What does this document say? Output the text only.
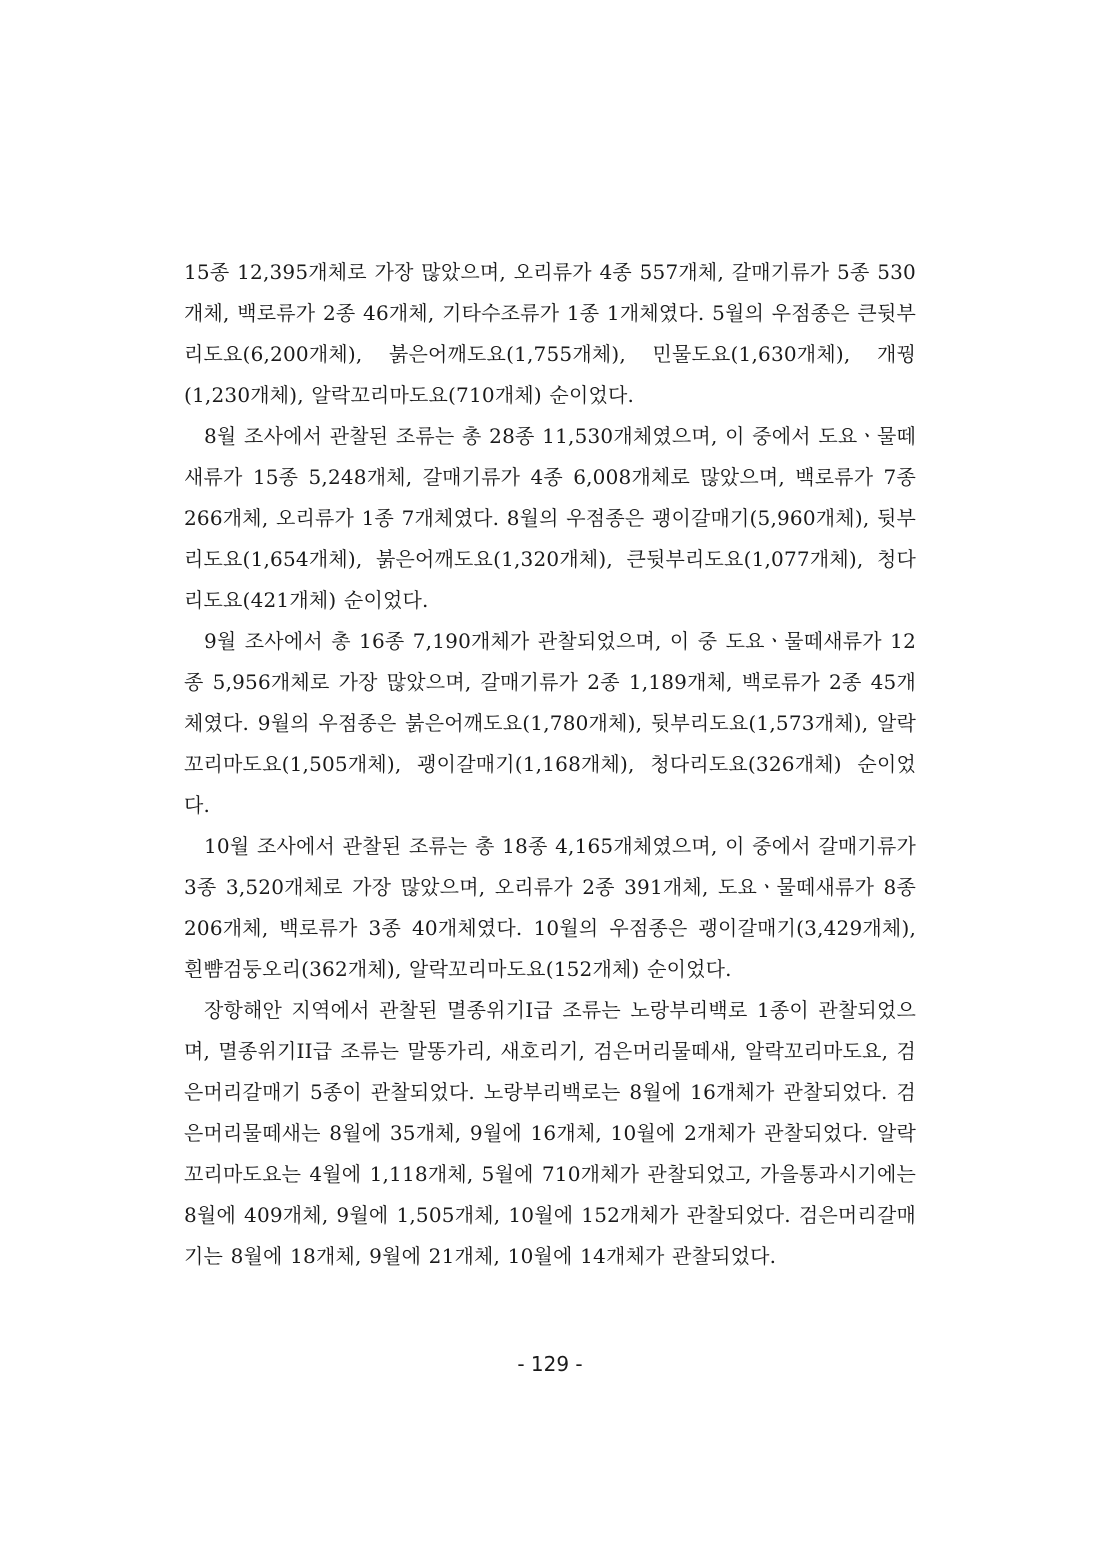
15종 12,395개체로 가장 많았으며, 오리류가 4종 557개체, 갈매기류가 5종 530개체, 백로류가 2종 46개체, 기타수조류가 1종 1개체였다. 5월의 우점종은 큰뒷부리도요(6,200개체), 붉은어깨도요(1,755개체), 민물도요(1,630개체), 개꿩(1,230개체), 알락꼬리마도요(710개체) 순이었다.

8월 조사에서 관찰된 조류는 총 28종 11,530개체였으며, 이 중에서 도요ㆍ물떼새류가 15종 5,248개체, 갈매기류가 4종 6,008개체로 많았으며, 백로류가 7종 266개체, 오리류가 1종 7개체였다. 8월의 우점종은 괭이갈매기(5,960개체), 뒷부리도요(1,654개체), 붉은어깨도요(1,320개체), 큰뒷부리도요(1,077개체), 청다리도요(421개체) 순이었다.

9월 조사에서 총 16종 7,190개체가 관찰되었으며, 이 중 도요ㆍ물떼새류가 12종 5,956개체로 가장 많았으며, 갈매기류가 2종 1,189개체, 백로류가 2종 45개체였다. 9월의 우점종은 붉은어깨도요(1,780개체), 뒷부리도요(1,573개체), 알락꼬리마도요(1,505개체), 괭이갈매기(1,168개체), 청다리도요(326개체) 순이었다.

10월 조사에서 관찰된 조류는 총 18종 4,165개체였으며, 이 중에서 갈매기류가 3종 3,520개체로 가장 많았으며, 오리류가 2종 391개체, 도요ㆍ물떼새류가 8종 206개체, 백로류가 3종 40개체였다. 10월의 우점종은 괭이갈매기(3,429개체), 흰뺨검둥오리(362개체), 알락꼬리마도요(152개체) 순이었다.

장항해안 지역에서 관찰된 멸종위기I급 조류는 노랑부리백로 1종이 관찰되었으며, 멸종위기II급 조류는 말똥가리, 새호리기, 검은머리물떼새, 알락꼬리마도요, 검은머리갈매기 5종이 관찰되었다. 노랑부리백로는 8월에 16개체가 관찰되었다. 검은머리물떼새는 8월에 35개체, 9월에 16개체, 10월에 2개체가 관찰되었다. 알락꼬리마도요는 4월에 1,118개체, 5월에 710개체가 관찰되었고, 가을통과시기에는 8월에 409개체, 9월에 1,505개체, 10월에 152개체가 관찰되었다. 검은머리갈매기는 8월에 18개체, 9월에 21개체, 10월에 14개체가 관찰되었다.

- 129 -
